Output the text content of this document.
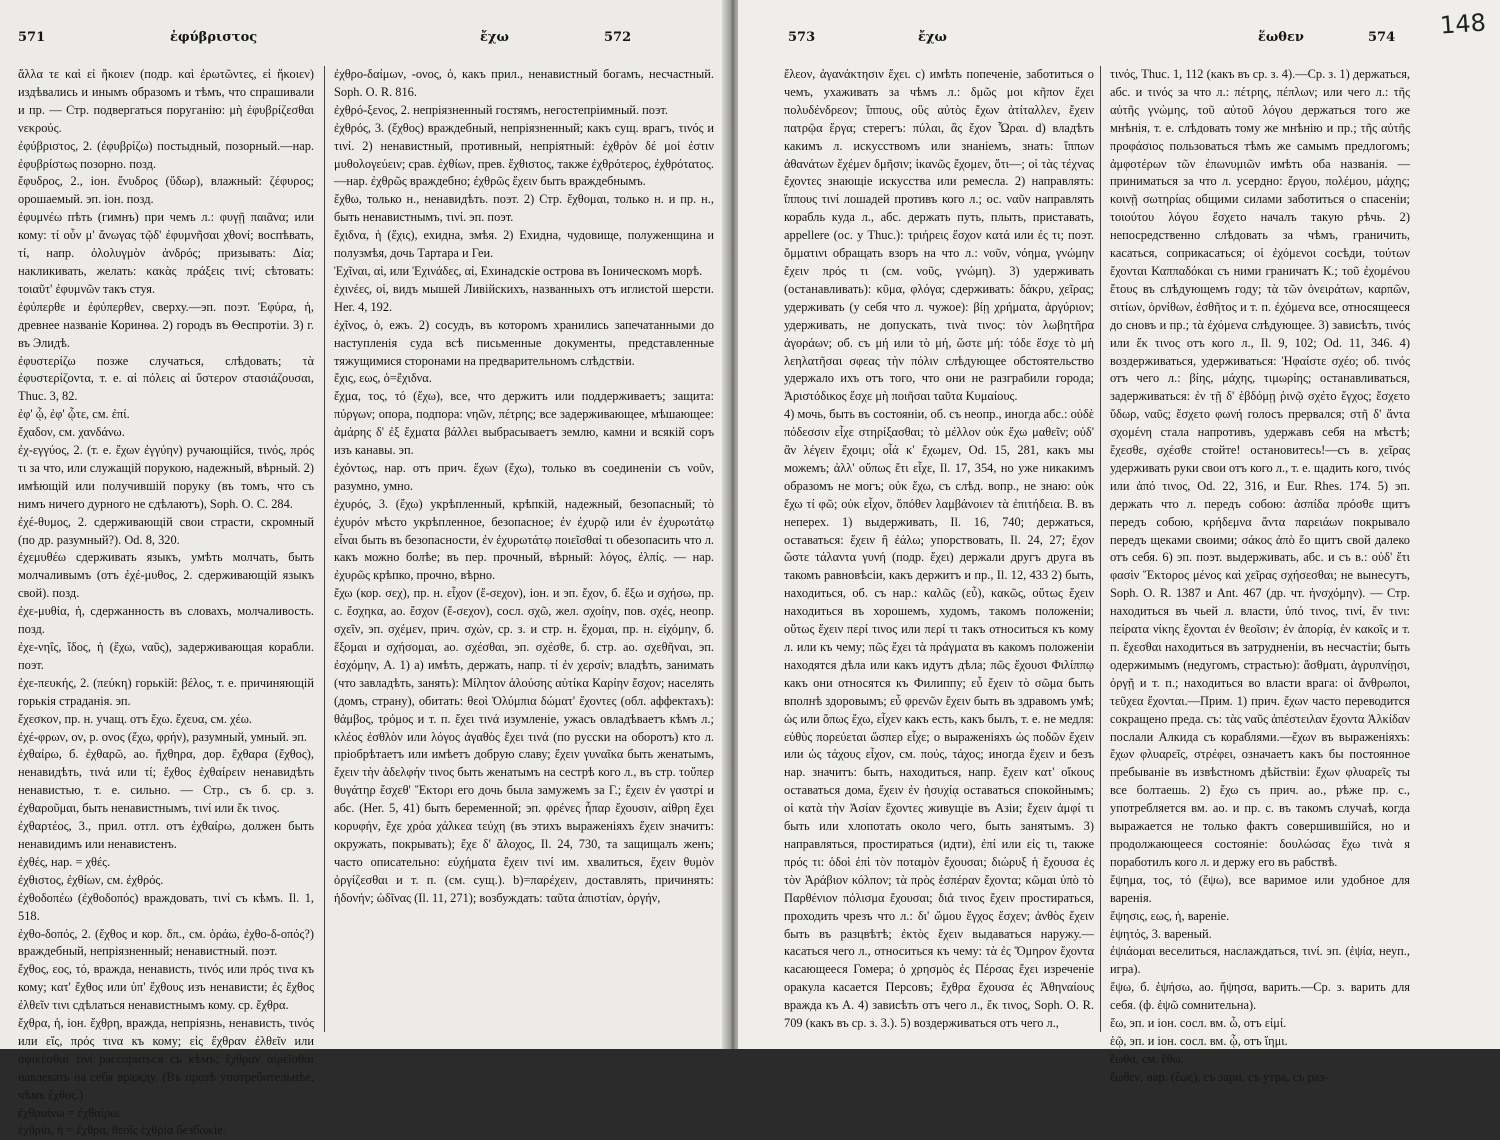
571	ἐφύβριστος	ἔχω	572

ἄλλα τε καὶ εἰ ἤκοιεν (подр. καὶ ἐρωτῶντες, εἰ ἥκοιεν) издѣвались и инымъ образомъ и тѣмъ, что спрашивали и пр. — Стр. подвергаться поруганію: μὴ ἐφυβρίζεσθαι νεκρούς.

ἐφύβριστος, 2. (ἐφυβρίζω) постыдный, позорный.—нар. ἐφυβρίστως позорно. позд.

ἔφυδρος, 2., іон. ἔνυδρος (ὕδωρ), влажный: ζέφυρος; орошаемый. эп. іон. позд.

ἐφυμνέω пѣть (гимнъ) при чемъ л.: φυγῇ παιᾶνα; или кому: τί οὖν μ' ἄνωγας τῷδ' ἐφυμνῆσαι χθονί; воспѣвать, τί, напр. ὀλολυγμὸν ἀνδρός; призывать: Δία; накликивать, желать: κακὰς πράξεις τινί; сѣтовать: τοιαῦτ' ἐφυμνῶν такъ стуя.

ἐφύπερθε и ἐφύπερθεν, сверху.—эп. поэт. Ἐφύρα, ἡ, древнее названіе Коринѳа. 2) городъ въ Ѳеспротіи. 3) г. въ Элидѣ.

ἐφυστερίζω позже случаться, слѣдовать; τὰ ἐφυστερίζοντα, т. е. αἱ πόλεις αἱ ὕστερον στασιάζουσαι, Thuc. 3, 82.

ἐφ' ᾧ, ἐφ' ᾧτε, см. ἐπί.

ἔχαδον, см. χανδάνω.

ἐχ-εγγύος, 2. (т. е. ἔχων ἐγγύην) ручающійся, τινός, πρός τι за что, или служащій порукою, надежный, вѣрный. 2) имѣющій или получившій поруку (въ томъ, что съ нимъ ничего дурного не сдѣлаютъ), Soph. O. C. 284.

ἐχέ-θυμος, 2. сдерживающій свои страсти, скромный (по др. разумный?). Od. 8, 320.

ἐχεμυθέω сдерживать языкъ, умѣть молчать, быть молчаливымъ (отъ ἐχέ-μυθος, 2. сдерживающій языкъ свой). позд.

ἐχε-μυθία, ἡ, сдержанность въ словахъ, молчаливость. позд.

ἐχε-νηΐς, ἴδος, ἡ (ἔχω, ναῦς), задерживающая корабли. поэт.

ἐχε-πευκής, 2. (πεύκη) горькій: βέλος, т. е. причиняющій горькія страданія. эп.

ἔχεσκον, пр. н. учащ. отъ ἔχω. ἔχευα, см. χέω.

ἐχέ-φρων, ον, р. ονος (ἔχω, φρήν), разумный, умный. эп.

ἐχθαίρω, б. ἐχθαρῶ, ао. ἤχθηρα, дор. ἔχθαρα (ἔχθος), ненавидѣть, τινά или τί; ἔχθος ἐχθαίρειν ненавидѣть ненавистью, т. е. сильно. — Стр., съ б. ср. з. ἐχθαροῦμαι, быть ненавистнымъ, τινί или ἔκ τινος.

ἐχθαρτέος, 3., прил. отгл. отъ ἐχθαίρω, должен быть ненавидимъ или ненавистенъ.

ἐχθές, нар. = χθές.

ἐχθιστος, ἐχθίων, см. ἐχθρός.

ἐχθοδοπέω (ἐχθοδοπός) враждовать, τινί съ кѣмъ. Il. 1, 518.

ἐχθο-δοπός, 2. (ἔχθος и кор. δπ., см. ὁράω, ἐχθο-δ-οπός?) враждебный, непріязненный; ненавистный. поэт.

ἔχθος, εος, τό, вражда, ненависть, τινός или πρός τινα къ кому; κατ' ἔχθος или ὑπ' ἔχθους изъ ненависти; ἐς ἔχθος ἐλθεῖν τινι сдѣлаться ненавистнымъ кому. ср. ἔχθρα.

ἔχθρα, ἡ, іон. ἔχθρη, вражда, непріязнь, ненависть, τινός или εἴς, πρός τινα къ кому; εἰς ἔχθραν ἐλθεῖν или ἀφικέσθαι τινί рассориться съ кѣмъ; ἔχθραν αἱρεῖσθαι навлекать на себя вражду. (Въ прозѣ употребительнѣе, чѣмъ ἔχθος.)

ἐχθραίνω = ἐχθαίρω.

ἐχθρία, ἡ = ἔχθρα, θεοῖς ἐχθρία безбожіе.

ἐχθρο-δαίμων, -ονος, ὁ, какъ прил., ненавистный богамъ, несчастный. Soph. O. R. 816.

ἐχθρό-ξενος, 2. непріязненный гостямъ, негостепріимный. поэт.

ἐχθρός, 3. (ἔχθος) враждебный, непріязненный; какъ сущ. врагъ, τινός и τινί. 2) ненавистный, противный, непріятный: ἐχθρὸν δέ μοί ἐστιν μυθολογεύειν; срав. ἐχθίων, прев. ἔχθιστος, также ἐχθρότερος, ἐχθρότατος.—нар. ἐχθρῶς враждебно; ἐχθρῶς ἔχειν быть враждебнымъ.

ἔχθω, только н., ненавидѣть. поэт. 2) Стр. ἔχθομαι, только н. и пр. н., быть ненавистнымъ, τινί. эп. поэт.

ἔχιδνα, ἡ (ἔχις), ехидна, змѣя. 2) Ехидна, чудовище, полуженщина и полузмѣя, дочь Тартара и Геи.

Ἐχῖναι, αἱ, или Ἐχινάδες, αἱ, Ехинадскіе острова въ Іоническомъ морѣ.

ἐχινέες, οἱ, видъ мышей Ливійскихъ, названныхъ отъ иглистой шерсти. Her. 4, 192.

ἐχῖνος, ὁ, ежъ. 2) сосудъ, въ которомъ хранились запечатанными до наступленія суда всѣ письменные документы, представленные тяжущимися сторонами на предварительномъ слѣдствіи.

ἔχις, εως, ὁ=ἔχιδνα.

ἔχμα, τος, τό (ἔχω), все, что держитъ или поддерживаетъ; защита: πύργων; опора, подпора: νηῶν, πέτρης; все задерживающее, мѣшающее: ἀμάρης δ' ἐξ ἔχματα βάλλει выбрасываетъ землю, камни и всякій соръ изъ канавы. эп.

ἐχόντως, нар. отъ прич. ἔχων (ἔχω), только въ соединеніи съ νοῦν, разумно, умно.

ἐχυρός, 3. (ἔχω) укрѣпленный, крѣпкій, надежный, безопасный; τὸ ἐχυρόν мѣсто укрѣпленное, безопасное; ἐν ἐχυρῷ или ἐν ἐχυρωτάτῳ εἶναι быть въ безопасности, ἐν ἐχυρωτάτῳ ποιεῖσθαί τι обезопасить что л. какъ можно болѣе; въ пер. прочный, вѣрный: λόγος, ἐλπίς. — нар. ἐχυρῶς крѣпко, прочно, вѣрно.

ἔχω (кор. σεχ), пр. н. εἶχον (ἔ-σεχον), іон. и эп. ἔχον, б. ἕξω и σχήσω, пр. с. ἔσχηκα, ао. ἔσχον (ἔ-σεχον), сосл. σχῶ, жел. σχοίην, пов. σχές, неопр. σχεῖν, эп. σχέμεν, прич. σχών, ср. з. и стр. н. ἔχομαι, пр. н. εἰχόμην, б. ἕξομαι и σχήσομαι, ао. σχέσθαι, эп. σχέσθε, б. стр. ао. σχεθῆναι, эп. ἐσχόμην, А. 1) а) имѣть, держать, напр. τί ἐν χερσίν; владѣть, занимать (что завладѣть, занять): Μίλητον ἁλούσης αὐτίκα Καρίην ἔσχον; населять (домъ, страну), обитать: θεοὶ Ὀλύμπια δώματ' ἔχοντες (обл. аффектахъ): θάμβος, τρόμος и т. п. ἔχει τινά изумленіе, ужасъ овладѣваетъ кѣмъ л.; κλέος ἐσθλὸν или λόγος ἀγαθὸς ἔχει τινά (по русски на оборотъ) кто л. пріобрѣтаетъ или имѣетъ добрую славу; ἔχειν γυναῖκα быть женатымъ, ἔχειν τὴν ἀδελφήν τινος быть женатымъ на сестрѣ кого л., въ стр. τοὔπερ θυγάτηρ ἔσχεθ' Ἕκτορι его дочь была замужемъ за Г.; ἔχειν ἐν γαστρί и абс. (Her. 5, 41) быть беременной; эп. φρένες ἦπαρ ἔχουσιν, αἰθρη ἔχει κορυφήν, ἔχε χρόα χάλκεα τεύχη (въ этихъ выраженіяхъ ἔχειν значитъ: окружать, покрывать); ἔχε δ' ἄλοχος, Il. 24, 730, та защищалъ женъ; часто описательно: εὐχήματα ἔχειν τινί им. хвалиться, ἔχειν θυμὸν ὀργίζεσθαι и т. п. (см. сущ.). b)=παρέχειν, доставлять, причинять: ἡδονήν; ὠδῖνας (Il. 11, 271); возбуждать: ταῦτα ἀπιστίαν, ὀργήν,

573	ἔχω	ἕωθεν	574 148

ἔλεον, ἀγανάκτησιν ἔχει. c) имѣть попеченіе, заботиться о чемъ, ухаживать за чѣмъ л.: δμῶς μοι κῆπον ἔχει πολυδένδρεον; ἵππους, οὓς αὐτὸς ἔχων ἀτίταλλεν, ἔχειν πατρῷα ἔργα; стерегъ: πύλαι, ἃς ἔχον Ὧραι. d) владѣть какимъ л. искусствомъ или знаніемъ, знать: ἵππων ἀθανάτων ἔχέμεν δμῆσιν; ἱκανῶς ἔχομεν, ὅτι—; οἱ τὰς τέχνας ἔχοντες знающіе искусства или ремесла. 2) направлять: ἵππους τινί лошадей противъ кого л.; ос. ναῦν направлять корабль куда л., абс. держать путь, плыть, приставать, appellere (ос. у Thuc.): τριήρεις ἔσχον κατά или ἐς τι; поэт. ὄμματινι обращать взоръ на что л.: νοῦν, νόημα, γνώμην ἔχειν πρός τι (см. νοῦς, γνώμη). 3) удерживать (останавливать): κῦμα, φλόγα; сдерживать: δάκρυ, χεῖρας; удерживать (у себя что л. чужое): βίῃ χρήματα, ἀργύριον; удерживать, не допускать, τινὰ τινος: τὸν λωβητῆρα ἀγοράων; об. съ μή или τὸ μή, ὥστε μή: τόδε ἔσχε τὸ μὴ λεηλατῆσαι σφεας τὴν πόλιν слѣдующее обстоятельство удержало ихъ отъ того, что они не разграбили города; Ἀριστόδικος ἔσχε μὴ ποιῆσαι ταῦτα Κυμαίους.

4) мочь, быть въ состояніи, об. съ неопр., иногда абс.: οὐδὲ πόδεσσιν εἶχε στηρίξασθαι; τὸ μέλλον οὐκ ἔχω μαθεῖν; οὐδ' ἂν λέγειν ἔχοιμι; οἷά κ' ἔχωμεν, Od. 15, 281, какъ мы можемъ; ἀλλ' οὔπως ἔτι εἶχε, Il. 17, 354, но уже никакимъ образомъ не могъ; οὐκ ἔχω, съ слѣд. вопр., не знаю: οὐκ ἔχω τί φῶ; οὐκ εἶχον, ὅπόθεν λαμβάνοιεν τὰ ἐπιτήδεια. B. въ непереx. 1) выдерживать, Il. 16, 740; держаться, оставаться: ἔχειν ἢ ἐάλω; упорствовать, Il. 24, 27; ἔχον ὥστε τάλαντα γυνή (подр. ἔχει) держали другъ друга въ такомъ равновѣсіи, какъ держитъ и пр., Il. 12, 433 2) быть, находиться, об. съ нар.: καλῶς (εὖ), κακῶς, οὕτως ἔχειν находиться въ хорошемъ, худомъ, такомъ положеніи; οὕτως ἔχειν περί τινος или περί τι такъ относиться къ кому л. или къ чему; πῶς ἔχει τὰ πράγματα въ какомъ положеніи находятся дѣла или какъ идутъ дѣла; πῶς ἔχουσι Φιλίππῳ какъ они относятся къ Филиппу; εὖ ἔχειν τὸ σῶμα быть вполнѣ здоровымъ; εὖ φρενῶν ἔχειν быть въ здравомъ умѣ; ὡς или ὅπως ἔχω, εἶχεν какъ есть, какъ былъ, т. е. не медля: εὐθὺς πορεύεται ὥσπερ εἶχε; о выраженіяхъ ὡς ποδῶν ἔχειν или ὡς τάχους εἶχον, см. πούς, τάχος; иногда ἔχειν и безъ нар. значитъ: быть, находиться, напр. ἔχειν κατ' οἴκους оставаться дома, ἔχειν ἐν ἡσυχίᾳ оставаться спокойнымъ; οἱ κατὰ τὴν Ἀσίαν ἔχοντες живущіе въ Азіи; ἔχειν ἀμφί τι быть или хлопотать около чего, быть занятымъ. 3) направляться, простираться (идти), ἐπί или εἰς τι, также πρός τι: ὁδοὶ ἐπὶ τὸν ποταμὸν ἔχουσαι; διώρυξ ἡ ἔχουσα ἐς τὸν Ἀράβιον κόλπον; τὰ πρὸς ἑσπέραν ἔχοντα; κῶμαι ὑπὸ τὸ Παρθένιον πόλισμα ἔχουσαι; διά τινος ἔχειν простираться, проходить чрезъ что л.: δι' ὤμου ἔγχος ἔσχεν; ἀνθὸς ἔχειν быть въ разцвѣтѣ; ἐκτὸς ἔχειν выдаваться наружу.—касаться чего л., относиться къ чему: τὰ ἐς Ὅμηρον ἔχοντα касающееся Гомера; ὁ χρησμὸς ἐς Πέρσας ἔχει изреченіе оракула касается Персовъ; ἔχθρα ἔχουσα ἐς Ἀθηναίους вражда къ А. 4) зависѣть отъ чего л., ἔκ τινος, Soph. O. R. 709 (какъ въ ср. з. 3.). 5) воздерживаться отъ чего л.,

τινός, Thuc. 1, 112 (какъ въ ср. з. 4).—Ср. з. 1) держаться, абс. и τινός за что л.: πέτρης, πέπλων; или чего л.: τῆς αὐτῆς γνώμης, τοῦ αὐτοῦ λόγου держаться того же мнѣнія, т. е. слѣдовать тому же мнѣнію и пр.; τῆς αὐτῆς προφάσιος пользоваться тѣмъ же самымъ предлогомъ; ἀμφοτέρων τῶν ἐπωνυμιῶν имѣть оба названія. — приниматься за что л. усердно: ἔργου, πολέμου, μάχης; κοινῇ σωτηρίας общими силами заботиться о спасеніи; τοιούτου λόγου ἔσχετο началъ такую рѣчь. 2) непосредственно слѣдовать за чѣмъ, граничить, касаться, соприкасаться; οἱ ἐχόμενοι сосѣди, τούτων ἔχονται Καππαδόκαι съ ними граничатъ К.; τοῦ ἐχομένου ἔτους въ слѣдующемъ году; τὰ τῶν ὀνειράτων, καρπῶν, σιτίων, ὀρνίθων, ἐσθῆτος и т. п. ἐχόμενα все, относящееся до сновъ и пр.; τὰ ἐχόμενα слѣдующее. 3) зависѣть, τινός или ἔκ τινος отъ кого л., Il. 9, 102; Od. 11, 346. 4) воздерживаться, удерживаться: Ἡφαίστε σχέο; об. τινός отъ чего л.: βίης, μάχης, τιμωρίης; останавливаться, задерживаться: ἐν τῇ δ' ἑβδόμῃ ῥινῷ σχέτο ἔγχος; ἔσχετο ὕδωρ, ναῦς; ἔσχετο φωνή голосъ прервался; στῆ δ' ἄντα σχομένη стала напротивъ, удержавъ себя на мѣстѣ; ἔχεσθε, σχέσθε стойте! остановитесь!—съ в. χεῖρας удерживать руки свои отъ кого л., т. е. щадить кого, τινός или ἀπό τινος, Od. 22, 316, и Eur. Rhes. 174. 5) эп. держать что л. передъ собою: ἀσπίδα πρόσθε щитъ передъ собою, κρήδεμνα ἄντα παρειάων покрывало передъ щеками своими; σάκος ἀπὸ ἕο щитъ свой далеко отъ себя. 6) эп. поэт. выдерживать, абс. и съ в.: οὐδ' ἔτι φασὶν Ἕκτορος μένος καὶ χεῖρας σχήσεσθαι; не вынесутъ, Soph. O. R. 1387 и Ant. 467 (др. чт. ἠνσχόμην). — Стр. находиться въ чьей л. власти, ὑπό τινος, τινί, ἔν τινι: πείρατα νίκης ἔχονται ἐν θεοῖσιν; ἐν ἀπορίᾳ, ἐν κακοῖς и т. п. ἔχεσθαι находиться въ затрудненіи, въ несчастіи; быть одержимымъ (недугомъ, страстью): ἄσθματι, ἀγρυπνίῃσι, ὀργῇ и т. п.; находиться во власти врага: οἰ ἄνθρωποι, τεῦχεα ἔχονται.—Прим. 1) прич. ἔχων часто переводится сокращено преда. съ: τὰς ναῦς ἀπέστειλαν ἔχοντα Ἀλκίδαν послали Алкида съ кораблями.—ἔχων въ выраженіяхъ: ἔχων φλυαρεῖς, στρέφει, означаетъ какъ бы постоянное пребываніе въ извѣстномъ дѣйствіи: ἔχων φλυαρεῖς ты все болтаешь. 2) ἔχω съ прич. ао., рѣже пр. с., употребляется вм. ао. и пр. с. въ такомъ случаѣ, когда выражается не только фактъ совершившійся, но и продолжающееся состояніе: δουλώσας ἔχω τινὰ я поработилъ кого л. и держу его въ рабствѣ.

ἔψημα, τος, τό (ἕψω), все варимое или удобное для варенія.

ἕψησις, εως, ἡ, вареніе.

ἑψητός, 3. вареный.

ἐψιάομαι веселиться, наслаждаться, τινί. эп. (ἑψία, неуп., игра).

ἕψω, б. ἑψήσω, ао. ἥψησα, варить.—Ср. з. варить для себя. (ф. ἑψῶ сомнительна).

ἕω, эп. и іон. сосл. вм. ὦ, отъ εἰμί.

ἑῷ, эп. и іон. сосл. вм. ᾧ, отъ ἵημι.

ἕωθα, см. ἔθω.

ἕωθεν, нар. (ἕως), съ зари, съ утра, съ раз-
